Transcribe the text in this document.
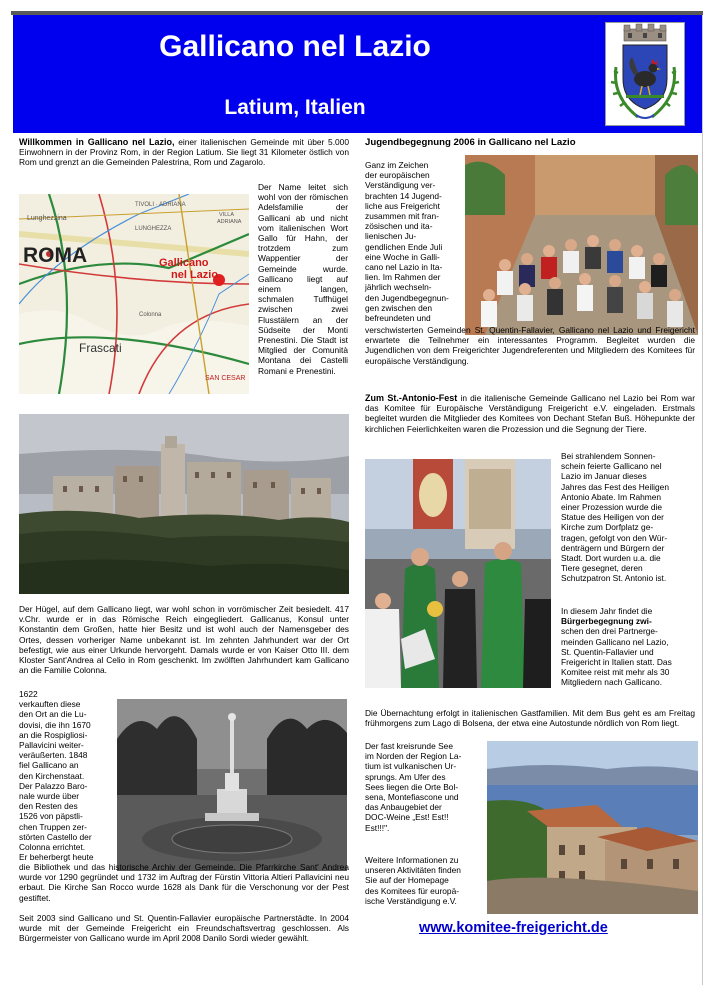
Gallicano nel Lazio
Latium, Italien
Willkommen in Gallicano nel Lazio, einer italienischen Gemeinde mit über 5.000 Einwohnern in der Provinz Rom, in der Region Latium. Sie liegt 31 Kilometer östlich von Rom und grenzt an die Gemeinden Palestrina, Rom und Zagarolo.
ROMA	Gallicano nel Lazio
Frascati
TIVOLI · ADRIANA
LUNGHEZZA
Lunghezzina
SAN CESAR
Colonna
VILLA ADRIANA
Der Name leitet sich wohl von der römischen Adelsfamilie der Gallicani ab und nicht vom italienischen Wort Gallo für Hahn, der trotzdem zum Wappentier der Gemeinde wurde. Gallicano liegt auf einem langen, schmalen Tuffhügel zwischen zwei Flusstälern an der Südseite der Monti Prenestini. Die Stadt ist Mitglied der Comunità Montana dei Castelli Romani e Prenestini.
Der Hügel, auf dem Gallicano liegt, war wohl schon in vorrömischer Zeit besiedelt. 417 v.Chr. wurde er in das Römische Reich eingegliedert. Gallicanus, Konsul unter Konstantin dem Großen, hatte hier Besitz und ist wohl auch der Namensgeber des Ortes, dessen vorheriger Name unbekannt ist. Im zehnten Jahrhundert war der Ort befestigt, wie aus einer Urkunde hervorgeht. Damals wurde er von Kaiser Otto III. dem Kloster Sant'Andrea al Celio in Rom geschenkt. Im zwölften Jahrhundert kam Gallicano an die Familie Colonna.
1622
verkauften diese
den Ort an die Lu-
dovisi, die ihn 1670
an die Rospigliosi-
Pallavicini weiter-
veräußerten. 1848
fiel Gallicano an
den Kirchenstaat.
Der Palazzo Baro-
nale wurde über
den Resten des
1526 von päpstli-
chen Truppen zer-
störten Castello der
Colonna errichtet.
Er beherbergt heute
die Bibliothek und das historische Archiv der Gemeinde. Die Pfarrkirche Sant' Andrea wurde vor 1290 gegründet und 1732 im Auftrag der Fürstin Vittoria Altieri Pallavicini neu erbaut. Die Kirche San Rocco wurde 1628 als Dank für die Verschonung vor der Pest gestiftet.
Seit 2003 sind Gallicano und St. Quentin-Fallavier europäische Partnerstädte. In 2004 wurde mit der Gemeinde Freigericht ein Freundschaftsvertrag geschlossen. Als Bürgermeister von Gallicano wurde im April 2008 Danilo Sordi wieder gewählt.
Jugendbegegnung 2006 in Gallicano nel Lazio
Ganz im Zeichen
der europäischen
Verständigung ver-
brachten 14 Jugend-
liche aus Freigericht
zusammen mit fran-
zösischen und ita-
lienischen Ju-
gendlichen Ende Juli
eine Woche in Galli-
cano nel Lazio in Ita-
lien. Im Rahmen der
jährlich wechseln-
den Jugendbegegnun-
gen zwischen den
befreundeten und
verschwisterten Gemeinden St. Quentin-Fallavier, Gallicano nel Lazio und Freigericht erwartete die Teilnehmer ein interessantes Programm. Begleitet wurden die Jugendlichen von dem Freigerichter Jugendreferenten und Mitgliedern des Komitees für europäische Verständigung.
Zum St.-Antonio-Fest in die italienische Gemeinde Gallicano nel Lazio bei Rom war das Komitee für Europäische Verständigung Freigericht e.V. eingeladen. Erstmals begleitet wurden die Mitglieder des Komitees von Dechant Stefan Buß. Höhepunkte der kirchlichen Feierlichkeiten waren die Prozession und die Segnung der Tiere.
Bei strahlendem Sonnen-
schein feierte Gallicano nel
Lazio im Januar dieses
Jahres das Fest des Heiligen
Antonio Abate. Im Rahmen
einer Prozession wurde die
Statue des Heiligen von der
Kirche zum Dorfplatz ge-
tragen, gefolgt von den Wür-
denträgern und Bürgern der
Stadt. Dort wurden u.a. die
Tiere gesegnet, deren
Schutzpatron St. Antonio ist.
In diesem Jahr findet die
Bürgerbegegnung zwi-
schen den drei Partnerge-
meinden Gallicano nel Lazio,
St. Quentin-Fallavier und
Freigericht in Italien statt. Das
Komitee reist mit mehr als 30
Mitgliedern nach Gallicano.
Die Übernachtung erfolgt in italienischen Gastfamilien. Mit dem Bus geht es am Freitag frühmorgens zum Lago di Bolsena, der etwa eine Autostunde nördlich von Rom liegt.
Der fast kreisrunde See
im Norden der Region La-
tium ist vulkanischen Ur-
sprungs. Am Ufer des
Sees liegen die Orte Bol-
sena, Montefiascone und
das Anbaugebiet der
DOC-Weine „Est! Est!!
Est!!!".
Weitere Informationen zu
unseren Aktivitäten finden
Sie auf der Homepage
des Komitees für europä-
ische Verständigung e.V.
www.komitee-freigericht.de
